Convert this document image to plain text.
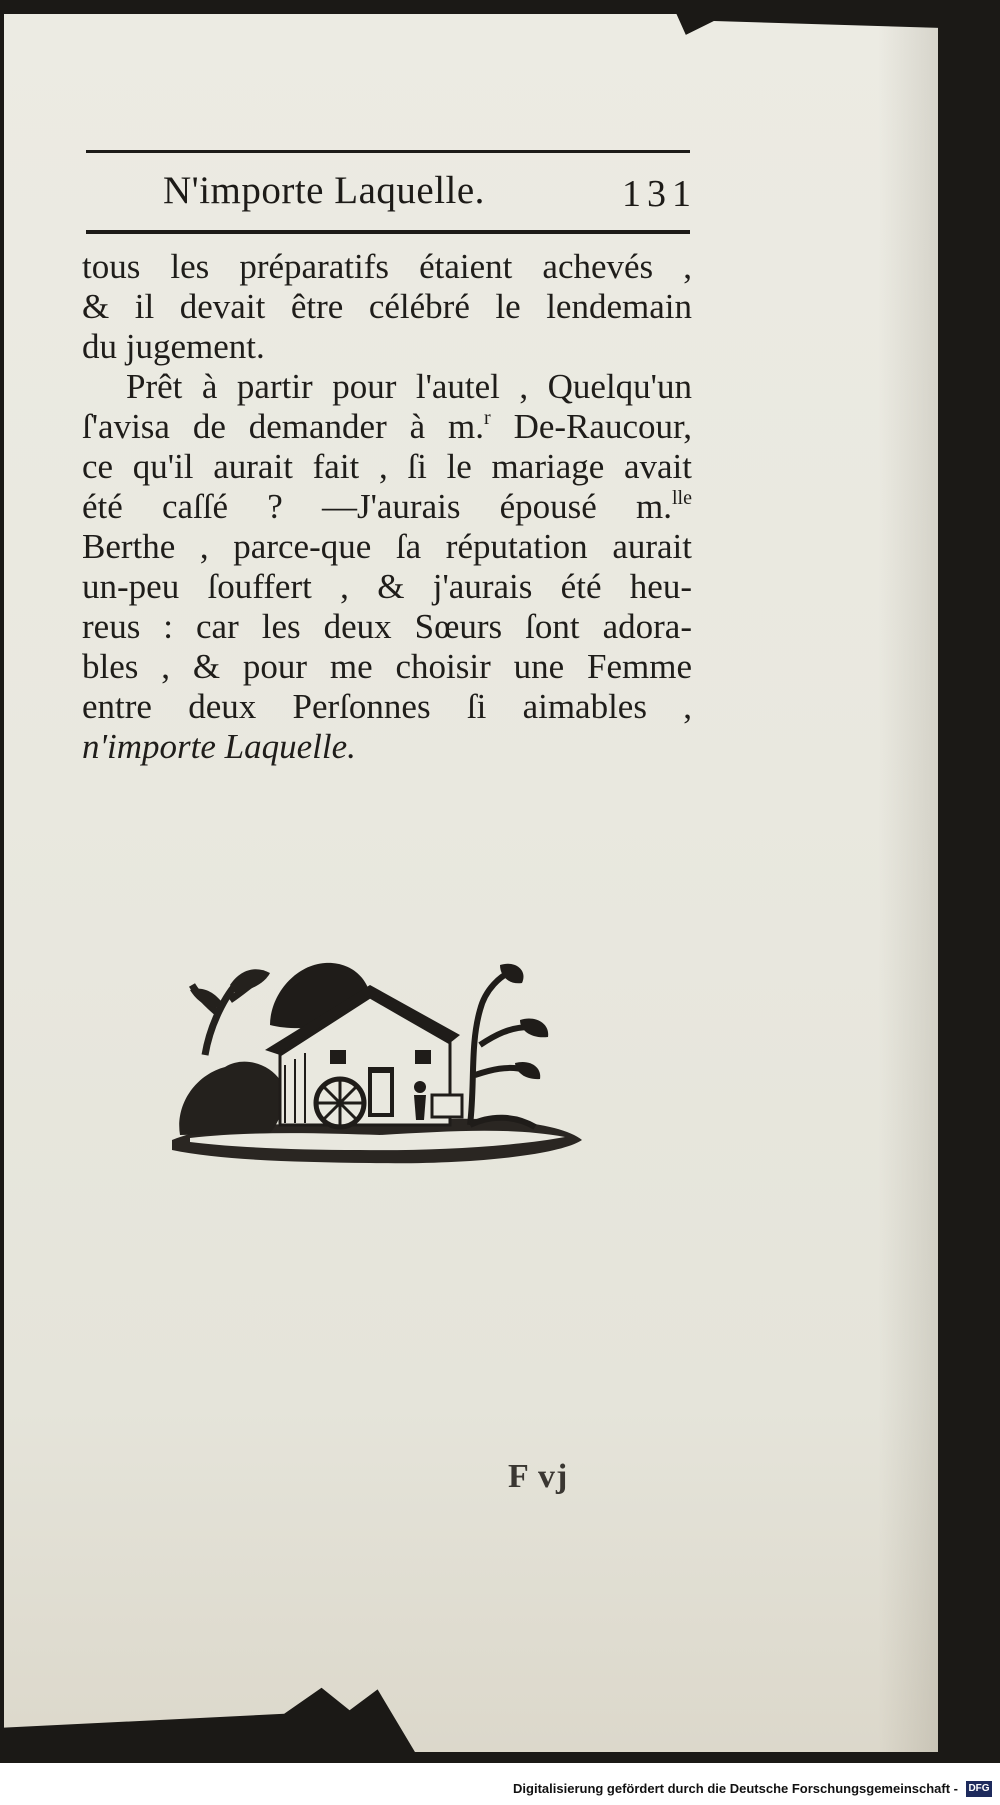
N'importe Laquelle.	131
tous les préparatifs étaient achevés ,
& il devait être célébré le lendemain
du jugement.
Prêt à partir pour l'autel , Quelqu'un
ſ'avisa de demander à m.$^r$ De-Raucour,
ce qu'il aurait fait , ſi le mariage avait
été caſſé ? —J'aurais épousé m.$^{lle}$
Berthe , parce-que ſa réputation aurait
un-peu ſouffert , & j'aurais été heu-
reus : car les deux Sœurs ſont adora-
bles , & pour me choisir une Femme
entre deux Perſonnes ſi aimables ,
n'importe Laquelle.
F vj
Digitalisierung gefördert durch die Deutsche Forschungsgemeinschaft - DFG
